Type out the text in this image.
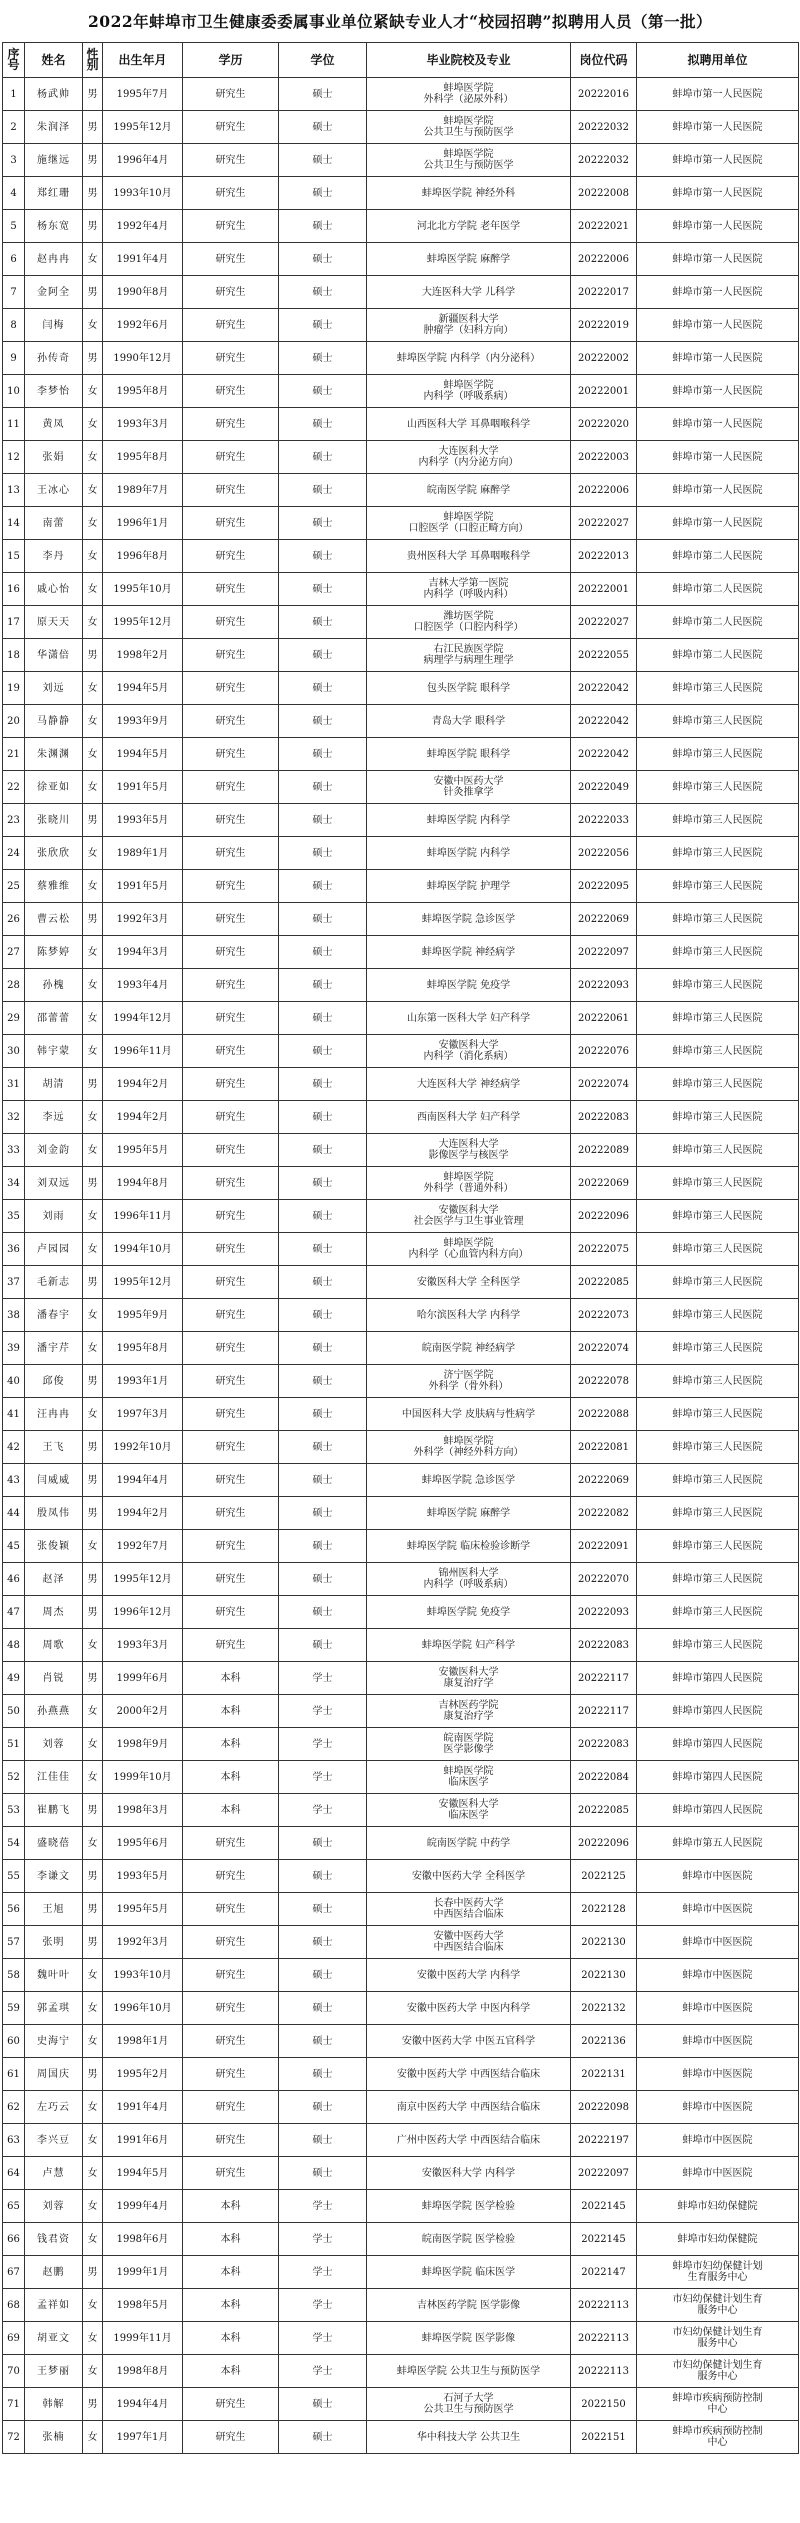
2022年蚌埠市卫生健康委委属事业单位紧缺专业人才“校园招聘”拟聘用人员（第一批）
序号	姓名	性别	出生年月	学历	学位	毕业院校及专业	岗位代码	拟聘用单位
1	杨武帅	男	1995年7月	研究生	硕士	蚌埠医学院
外科学（泌尿外科）	20222016	蚌埠市第一人民医院

2	朱润泽	男	1995年12月	研究生	硕士	蚌埠医学院
公共卫生与预防医学	20222032	蚌埠市第一人民医院

3	施继远	男	1996年4月	研究生	硕士	蚌埠医学院
公共卫生与预防医学	20222032	蚌埠市第一人民医院

4	郑红珊	男	1993年10月	研究生	硕士	蚌埠医学院 神经外科	20222008	蚌埠市第一人民医院

5	杨东宽	男	1992年4月	研究生	硕士	河北北方学院 老年医学	20222021	蚌埠市第一人民医院

6	赵冉冉	女	1991年4月	研究生	硕士	蚌埠医学院 麻醉学	20222006	蚌埠市第一人民医院

7	金阿全	男	1990年8月	研究生	硕士	大连医科大学 儿科学	20222017	蚌埠市第一人民医院

8	闫梅	女	1992年6月	研究生	硕士	新疆医科大学
肿瘤学（妇科方向）	20222019	蚌埠市第一人民医院

9	孙传奇	男	1990年12月	研究生	硕士	蚌埠医学院 内科学（内分泌科）	20222002	蚌埠市第一人民医院

10	李梦怡	女	1995年8月	研究生	硕士	蚌埠医学院
内科学（呼吸系病）	20222001	蚌埠市第一人民医院

11	黄凤	女	1993年3月	研究生	硕士	山西医科大学 耳鼻咽喉科学	20222020	蚌埠市第一人民医院

12	张娟	女	1995年8月	研究生	硕士	大连医科大学
内科学（内分泌方向）	20222003	蚌埠市第一人民医院

13	王冰心	女	1989年7月	研究生	硕士	皖南医学院 麻醉学	20222006	蚌埠市第一人民医院

14	南蕾	女	1996年1月	研究生	硕士	蚌埠医学院
口腔医学（口腔正畸方向）	20222027	蚌埠市第一人民医院

15	李丹	女	1996年8月	研究生	硕士	贵州医科大学 耳鼻咽喉科学	20222013	蚌埠市第二人民医院

16	戚心怡	女	1995年10月	研究生	硕士	吉林大学第一医院
内科学（呼吸内科）	20222001	蚌埠市第二人民医院

17	原天天	女	1995年12月	研究生	硕士	潍坊医学院
口腔医学（口腔内科学）	20222027	蚌埠市第二人民医院

18	华潇倍	男	1998年2月	研究生	硕士	右江民族医学院
病理学与病理生理学	20222055	蚌埠市第二人民医院

19	刘远	女	1994年5月	研究生	硕士	包头医学院 眼科学	20222042	蚌埠市第三人民医院

20	马静静	女	1993年9月	研究生	硕士	青岛大学 眼科学	20222042	蚌埠市第三人民医院

21	朱渊渊	女	1994年5月	研究生	硕士	蚌埠医学院 眼科学	20222042	蚌埠市第三人民医院

22	徐亚如	女	1991年5月	研究生	硕士	安徽中医药大学
针灸推拿学	20222049	蚌埠市第三人民医院

23	张晓川	男	1993年5月	研究生	硕士	蚌埠医学院 内科学	20222033	蚌埠市第三人民医院

24	张欣欣	女	1989年1月	研究生	硕士	蚌埠医学院 内科学	20222056	蚌埠市第三人民医院

25	蔡雅维	女	1991年5月	研究生	硕士	蚌埠医学院 护理学	20222095	蚌埠市第三人民医院

26	曹云松	男	1992年3月	研究生	硕士	蚌埠医学院 急诊医学	20222069	蚌埠市第三人民医院

27	陈梦婷	女	1994年3月	研究生	硕士	蚌埠医学院 神经病学	20222097	蚌埠市第三人民医院

28	孙槐	女	1993年4月	研究生	硕士	蚌埠医学院 免疫学	20222093	蚌埠市第三人民医院

29	邵蕾蕾	女	1994年12月	研究生	硕士	山东第一医科大学 妇产科学	20222061	蚌埠市第三人民医院

30	韩宇蒙	女	1996年11月	研究生	硕士	安徽医科大学
内科学（消化系病）	20222076	蚌埠市第三人民医院

31	胡清	男	1994年2月	研究生	硕士	大连医科大学 神经病学	20222074	蚌埠市第三人民医院

32	李远	女	1994年2月	研究生	硕士	西南医科大学 妇产科学	20222083	蚌埠市第三人民医院

33	刘金韵	女	1995年5月	研究生	硕士	大连医科大学
影像医学与核医学	20222089	蚌埠市第三人民医院

34	刘双远	男	1994年8月	研究生	硕士	蚌埠医学院
外科学（普通外科）	20222069	蚌埠市第三人民医院

35	刘雨	女	1996年11月	研究生	硕士	安徽医科大学
社会医学与卫生事业管理	20222096	蚌埠市第三人民医院

36	卢园园	女	1994年10月	研究生	硕士	蚌埠医学院
内科学（心血管内科方向）	20222075	蚌埠市第三人民医院

37	毛新志	男	1995年12月	研究生	硕士	安徽医科大学 全科医学	20222085	蚌埠市第三人民医院

38	潘春宇	女	1995年9月	研究生	硕士	哈尔滨医科大学 内科学	20222073	蚌埠市第三人民医院

39	潘宇芹	女	1995年8月	研究生	硕士	皖南医学院 神经病学	20222074	蚌埠市第三人民医院

40	邱俊	男	1993年1月	研究生	硕士	济宁医学院
外科学（骨外科）	20222078	蚌埠市第三人民医院

41	汪冉冉	女	1997年3月	研究生	硕士	中国医科大学 皮肤病与性病学	20222088	蚌埠市第三人民医院

42	王飞	男	1992年10月	研究生	硕士	蚌埠医学院
外科学（神经外科方向）	20222081	蚌埠市第三人民医院

43	闫威威	男	1994年4月	研究生	硕士	蚌埠医学院 急诊医学	20222069	蚌埠市第三人民医院

44	殷凤伟	男	1994年2月	研究生	硕士	蚌埠医学院 麻醉学	20222082	蚌埠市第三人民医院

45	张俊颖	女	1992年7月	研究生	硕士	蚌埠医学院 临床检验诊断学	20222091	蚌埠市第三人民医院

46	赵泽	男	1995年12月	研究生	硕士	锦州医科大学
内科学（呼吸系病）	20222070	蚌埠市第三人民医院

47	周杰	男	1996年12月	研究生	硕士	蚌埠医学院 免疫学	20222093	蚌埠市第三人民医院

48	周歌	女	1993年3月	研究生	硕士	蚌埠医学院 妇产科学	20222083	蚌埠市第三人民医院

49	肖锐	男	1999年6月	本科	学士	安徽医科大学
康复治疗学	20222117	蚌埠市第四人民医院

50	孙燕燕	女	2000年2月	本科	学士	吉林医药学院
康复治疗学	20222117	蚌埠市第四人民医院

51	刘蓉	女	1998年9月	本科	学士	皖南医学院
医学影像学	20222083	蚌埠市第四人民医院

52	江佳佳	女	1999年10月	本科	学士	蚌埠医学院
临床医学	20222084	蚌埠市第四人民医院

53	崔鹏飞	男	1998年3月	本科	学士	安徽医科大学
临床医学	20222085	蚌埠市第四人民医院

54	盛晓蓓	女	1995年6月	研究生	硕士	皖南医学院 中药学	20222096	蚌埠市第五人民医院

55	李谦文	男	1993年5月	研究生	硕士	安徽中医药大学 全科医学	2022125	蚌埠市中医医院

56	王旭	男	1995年5月	研究生	硕士	长春中医药大学
中西医结合临床	2022128	蚌埠市中医医院

57	张明	男	1992年3月	研究生	硕士	安徽中医药大学
中西医结合临床	2022130	蚌埠市中医医院

58	魏叶叶	女	1993年10月	研究生	硕士	安徽中医药大学 内科学	2022130	蚌埠市中医医院

59	郭孟琪	女	1996年10月	研究生	硕士	安徽中医药大学 中医内科学	2022132	蚌埠市中医医院

60	史海宁	女	1998年1月	研究生	硕士	安徽中医药大学 中医五官科学	2022136	蚌埠市中医医院

61	周国庆	男	1995年2月	研究生	硕士	安徽中医药大学 中西医结合临床	2022131	蚌埠市中医医院

62	左巧云	女	1991年4月	研究生	硕士	南京中医药大学 中西医结合临床	20222098	蚌埠市中医医院

63	李兴豆	女	1991年6月	研究生	硕士	广州中医药大学 中西医结合临床	20222197	蚌埠市中医医院

64	卢慧	女	1994年5月	研究生	硕士	安徽医科大学 内科学	20222097	蚌埠市中医医院

65	刘蓉	女	1999年4月	本科	学士	蚌埠医学院 医学检验	2022145	蚌埠市妇幼保健院

66	钱君资	女	1998年6月	本科	学士	皖南医学院 医学检验	2022145	蚌埠市妇幼保健院

67	赵鹏	男	1999年1月	本科	学士	蚌埠医学院 临床医学	2022147	蚌埠市妇幼保健计划
生育服务中心

68	孟祥如	女	1998年5月	本科	学士	吉林医药学院 医学影像	20222113	市妇幼保健计划生育
服务中心

69	胡亚文	女	1999年11月	本科	学士	蚌埠医学院 医学影像	20222113	市妇幼保健计划生育
服务中心

70	王梦丽	女	1998年8月	本科	学士	蚌埠医学院 公共卫生与预防医学	20222113	市妇幼保健计划生育
服务中心

71	韩解	男	1994年4月	研究生	硕士	石河子大学
公共卫生与预防医学	2022150	蚌埠市疾病预防控制
中心

72	张楠	女	1997年1月	研究生	硕士	华中科技大学 公共卫生	2022151	蚌埠市疾病预防控制
中心
